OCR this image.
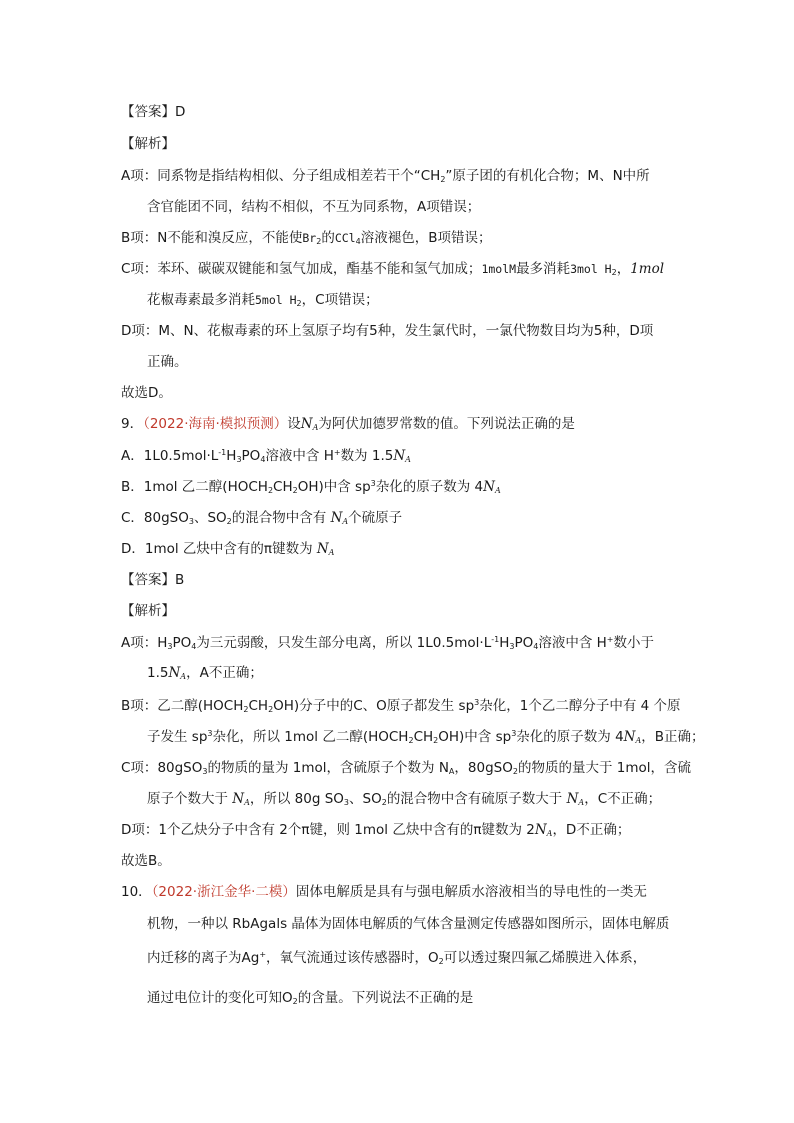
【答案】D
【解析】
A项：同系物是指结构相似、分子组成相差若干个“$CH_2$”原子团的有机化合物；M、N中所
含官能团不同，结构不相似，不互为同系物，A项错误；
B项：N不能和溴反应，不能使$Br_2$的CCl$_4$溶液褪色，B项错误；
C项：苯环、碳碳双键能和氢气加成，酯基不能和氢气加成；1molM最多消耗3mol $H_2$，1mol
花椒毒素最多消耗5mol $H_2$，C项错误；
D项：M、N、花椒毒素的环上氢原子均有5种，发生氯代时，一氯代物数目均为5种，D项
正确。
故选D。
9．（2022·海南·模拟预测）设$N_A$为阿伏加德罗常数的值。下列说法正确的是
A．$1L0.5mol\cdot L^{-1}H_3PO_4$溶液中含 H+数为 $1.5N_A$
B．1mol 乙二醇$(HOCH_2CH_2OH)$中含 $sp^3$杂化的原子数为 $4N_A$
C．80gSO$_3$、$SO_2$的混合物中含有 $N_A$个硫原子
D．1mol 乙炔中含有的π键数为 $N_A$
【答案】B
【解析】
A项：$H_3PO_4$为三元弱酸，只发生部分电离，所以 $1L0.5mol\cdot L^{-1}H_3PO_4$溶液中含 H+数小于
$1.5N_A$，A不正确；
B项：乙二醇$(HOCH_2CH_2OH)$分子中的C、O原子都发生 $sp^3$杂化，1个乙二醇分子中有 4 个原
子发生 $sp^3$杂化，所以 1mol 乙二醇$(HOCH_2CH_2OH)$中含 $sp^3$杂化的原子数为 $4N_A$，B正确；
C项：80gSO$_3$的物质的量为 1mol，含硫原子个数为 $N_A$，80gSO$_2$的物质的量大于 1mol，含硫
原子个数大于 $N_A$，所以 80g $SO_3$、$SO_2$的混合物中含有硫原子数大于 $N_A$，C不正确；
D项：1个乙炔分子中含有 2个π键，则 1mol 乙炔中含有的π键数为 $2N_A$，D不正确；
故选B。
10．（2022·浙江金华·二模）固体电解质是具有与强电解质水溶液相当的导电性的一类无
机物，一种以 RbAgals 晶体为固体电解质的气体含量测定传感器如图所示，固体电解质
内迁移的离子为Ag+，氧气流通过该传感器时，$O_2$可以透过聚四氟乙烯膜进入体系，
通过电位计的变化可知$O_2$的含量。下列说法不正确的是
